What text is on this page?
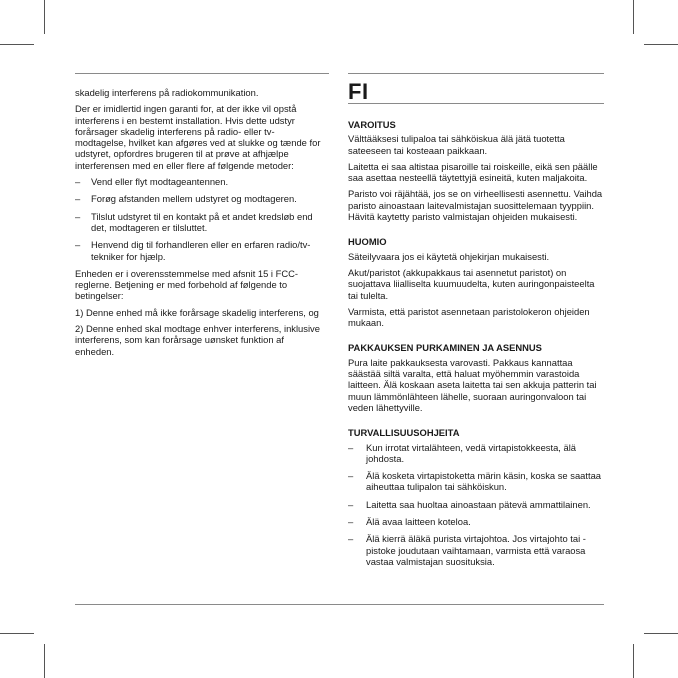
skadelig interferens på radiokommunikation.

Der er imidlertid ingen garanti for, at der ikke vil opstå interferens i en bestemt installation. Hvis dette udstyr forårsager skadelig interferens på radio- eller tv-modtagelse, hvilket kan afgøres ved at slukke og tænde for udstyret, opfordres brugeren til at prøve at afhjælpe interferensen med en eller flere af følgende metoder:

– Vend eller flyt modtageantennen.
– Forøg afstanden mellem udstyret og modtageren.
– Tilslut udstyret til en kontakt på et andet kredsløb end det, modtageren er tilsluttet.
– Henvend dig til forhandleren eller en erfaren radio/tv-tekniker for hjælp.

Enheden er i overensstemmelse med afsnit 15 i FCC-reglerne. Betjening er med forbehold af følgende to betingelser:

1) Denne enhed må ikke forårsage skadelig interferens, og

2) Denne enhed skal modtage enhver interferens, inklusive interferens, som kan forårsage uønsket funktion af enheden.

FI
VAROITUS

Välttääksesi tulipaloa tai sähköiskua älä jätä tuotetta sateeseen tai kosteaan paikkaan.

Laitetta ei saa altistaa pisaroille tai roiskeille, eikä sen päälle saa asettaa nesteellä täytettyjä esineitä, kuten maljakoita.

Paristo voi räjähtää, jos se on virheellisesti asennettu. Vaihda paristo ainoastaan laitevalmistajan suosittelemaan tyyppiin. Hävitä kaytetty paristo valmistajan ohjeiden mukaisesti.

HUOMIO

Säteilyvaara jos ei käytetä ohjekirjan mukaisesti.

Akut/paristot (akkupakkaus tai asennetut paristot) on suojattava liialliselta kuumuudelta, kuten auringonpaisteelta tai tulelta.

Varmista, että paristot asennetaan paristolokeron ohjeiden mukaan.

PAKKAUKSEN PURKAMINEN JA ASENNUS

Pura laite pakkauksesta varovasti. Pakkaus kannattaa säästää siltä varalta, että haluat myöhemmin varastoida laitteen. Älä koskaan aseta laitetta tai sen akkuja patterin tai muun lämmönlähteen lähelle, suoraan auringonvaloon tai veden lähettyville.

TURVALLISUUSOHJEITA
– Kun irrotat virtalähteen, vedä virtapistokkeesta, älä johdosta.
– Älä kosketa virtapistoketta märin käsin, koska se saattaa aiheuttaa tulipalon tai sähköiskun.
– Laitetta saa huoltaa ainoastaan pätevä ammattilainen.
– Älä avaa laitteen koteloa.
– Älä kierrä äläkä purista virtajohtoa. Jos virtajohto tai -pistoke joudutaan vaihtamaan, varmista että varaosa vastaa valmistajan suosituksia.
